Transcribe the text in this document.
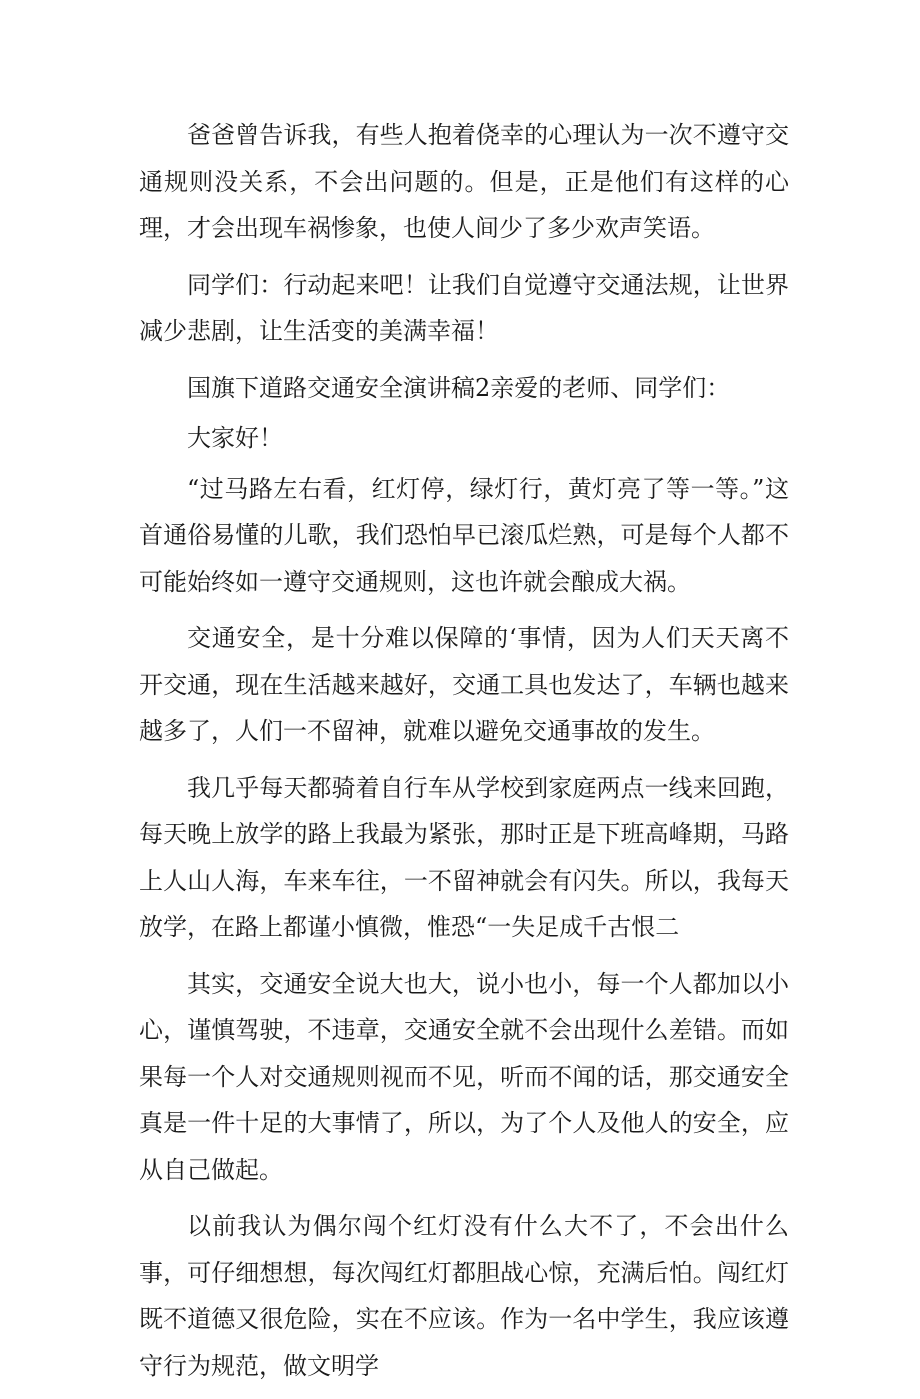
爸爸曾告诉我，有些人抱着侥幸的心理认为一次不遵守交通规则没关系，不会出问题的。但是，正是他们有这样的心理，才会出现车祸惨象，也使人间少了多少欢声笑语。

同学们：行动起来吧！让我们自觉遵守交通法规，让世界减少悲剧，让生活变的美满幸福！

国旗下道路交通安全演讲稿2亲爱的老师、同学们：

大家好！

“过马路左右看，红灯停，绿灯行，黄灯亮了等一等。”这首通俗易懂的儿歌，我们恐怕早已滚瓜烂熟，可是每个人都不可能始终如一遵守交通规则，这也许就会酿成大祸。

交通安全，是十分难以保障的‘事情，因为人们天天离不开交通，现在生活越来越好，交通工具也发达了，车辆也越来越多了，人们一不留神，就难以避免交通事故的发生。

我几乎每天都骑着自行车从学校到家庭两点一线来回跑，每天晚上放学的路上我最为紧张，那时正是下班高峰期，马路上人山人海，车来车往，一不留神就会有闪失。所以，我每天放学，在路上都谨小慎微，惟恐“一失足成千古恨二

其实，交通安全说大也大，说小也小，每一个人都加以小心，谨慎驾驶，不违章，交通安全就不会出现什么差错。而如果每一个人对交通规则视而不见，听而不闻的话，那交通安全真是一件十足的大事情了，所以，为了个人及他人的安全，应从自己做起。

以前我认为偶尔闯个红灯没有什么大不了，不会出什么事，可仔细想想，每次闯红灯都胆战心惊，充满后怕。闯红灯既不道德又很危险，实在不应该。作为一名中学生，我应该遵守行为规范，做文明学
